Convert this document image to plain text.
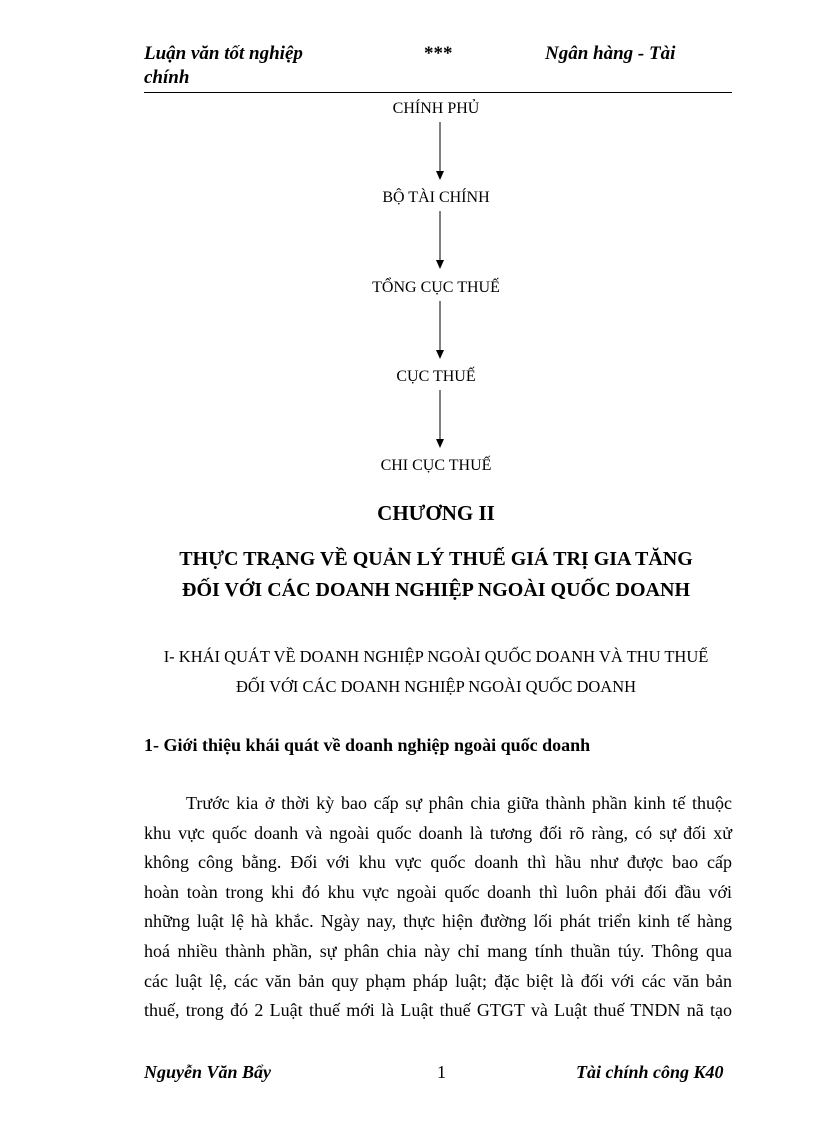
Luận văn tốt nghiệp chính
***	Ngân hàng - Tài
CHÍNH PHỦ
BỘ TÀI CHÍNH
TỔNG CỤC THUẾ
CỤC THUẾ
CHI CỤC THUẾ
CHƯƠNG II
THỰC TRẠNG VỀ QUẢN LÝ THUẾ GIÁ TRỊ GIA TĂNG
ĐỐI VỚI CÁC DOANH NGHIỆP NGOÀI QUỐC DOANH
I- KHÁI QUÁT VỀ DOANH NGHIỆP NGOÀI QUỐC DOANH VÀ THU THUẾ
ĐỐI VỚI CÁC DOANH NGHIỆP NGOÀI QUỐC DOANH
1- Giới thiệu khái quát về doanh nghiệp ngoài quốc doanh
Trước kia ở thời kỳ bao cấp sự phân chia giữa thành phần kinh tế thuộc
khu vực quốc doanh và ngoài quốc doanh là tương đối rõ ràng, có sự đối xử
không công bằng. Đối với khu vực quốc doanh thì hầu như được bao cấp
hoàn toàn trong khi đó khu vực ngoài quốc doanh thì luôn phải đối đầu với
những luật lệ hà khắc. Ngày nay, thực hiện đường lối phát triển kinh tế hàng
hoá nhiều thành phần, sự phân chia này chỉ mang tính thuần túy. Thông qua
các luật lệ, các văn bản quy phạm pháp luật; đặc biệt là đối với các văn bản
thuế, trong đó 2 Luật thuế mới là Luật thuế GTGT và Luật thuế TNDN nã tạo
Nguyễn Văn Bẩy	1	Tài chính công K40
